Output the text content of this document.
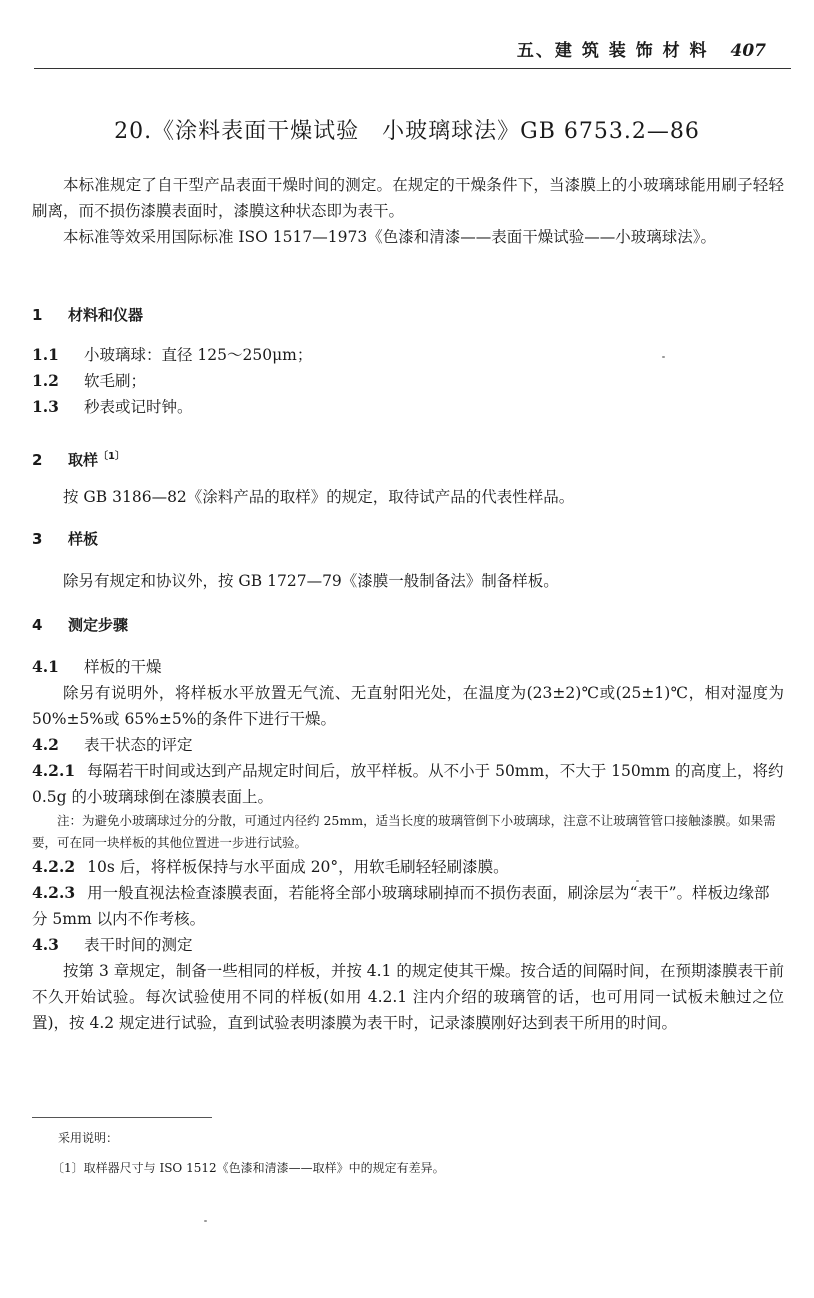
五、建 筑 装 饰 材 料 407
20.《涂料表面干燥试验　小玻璃球法》GB 6753.2—86

本标准规定了自干型产品表面干燥时间的测定。在规定的干燥条件下，当漆膜上的小玻璃球能用刷子轻轻刷离，而不损伤漆膜表面时，漆膜这种状态即为表干。

本标准等效采用国际标准 ISO 1517—1973《色漆和清漆——表面干燥试验——小玻璃球法》。

1 材料和仪器
1.1 小玻璃球：直径 125～250μm；
1.2 软毛刷；
1.3 秒表或记时钟。
2 取样$^{〔1〕}$

按 GB 3186—82《涂料产品的取样》的规定，取待试产品的代表性样品。

3 样板

除另有规定和协议外，按 GB 1727—79《漆膜一般制备法》制备样板。

4 测定步骤
4.1 样板的干燥

除另有说明外，将样板水平放置无气流、无直射阳光处，在温度为(23±2)℃或(25±1)℃，相对湿度为 50%±5%或 65%±5%的条件下进行干燥。

4.2 表干状态的评定
4.2.1 每隔若干时间或达到产品规定时间后，放平样板。从不小于 50mm，不大于 150mm 的高度上，将约 0.5g 的小玻璃球倒在漆膜表面上。
注：为避免小玻璃球过分的分散，可通过内径约 25mm，适当长度的玻璃管倒下小玻璃球，注意不让玻璃管管口接触漆膜。如果需要，可在同一块样板的其他位置进一步进行试验。
4.2.2 10s 后，将样板保持与水平面成 20°，用软毛刷轻轻刷漆膜。
4.2.3 用一般直视法检查漆膜表面，若能将全部小玻璃球刷掉而不损伤表面，刷涂层为“表干”。样板边缘部分 5mm 以内不作考核。
4.3 表干时间的测定

按第 3 章规定，制备一些相同的样板，并按 4.1 的规定使其干燥。按合适的间隔时间，在预期漆膜表干前不久开始试验。每次试验使用不同的样板(如用 4.2.1 注内介绍的玻璃管的话，也可用同一试板未触过之位置)，按 4.2 规定进行试验，直到试验表明漆膜为表干时，记录漆膜刚好达到表干所用的时间。

采用说明：
〔1〕取样器尺寸与 ISO 1512《色漆和清漆——取样》中的规定有差异。
